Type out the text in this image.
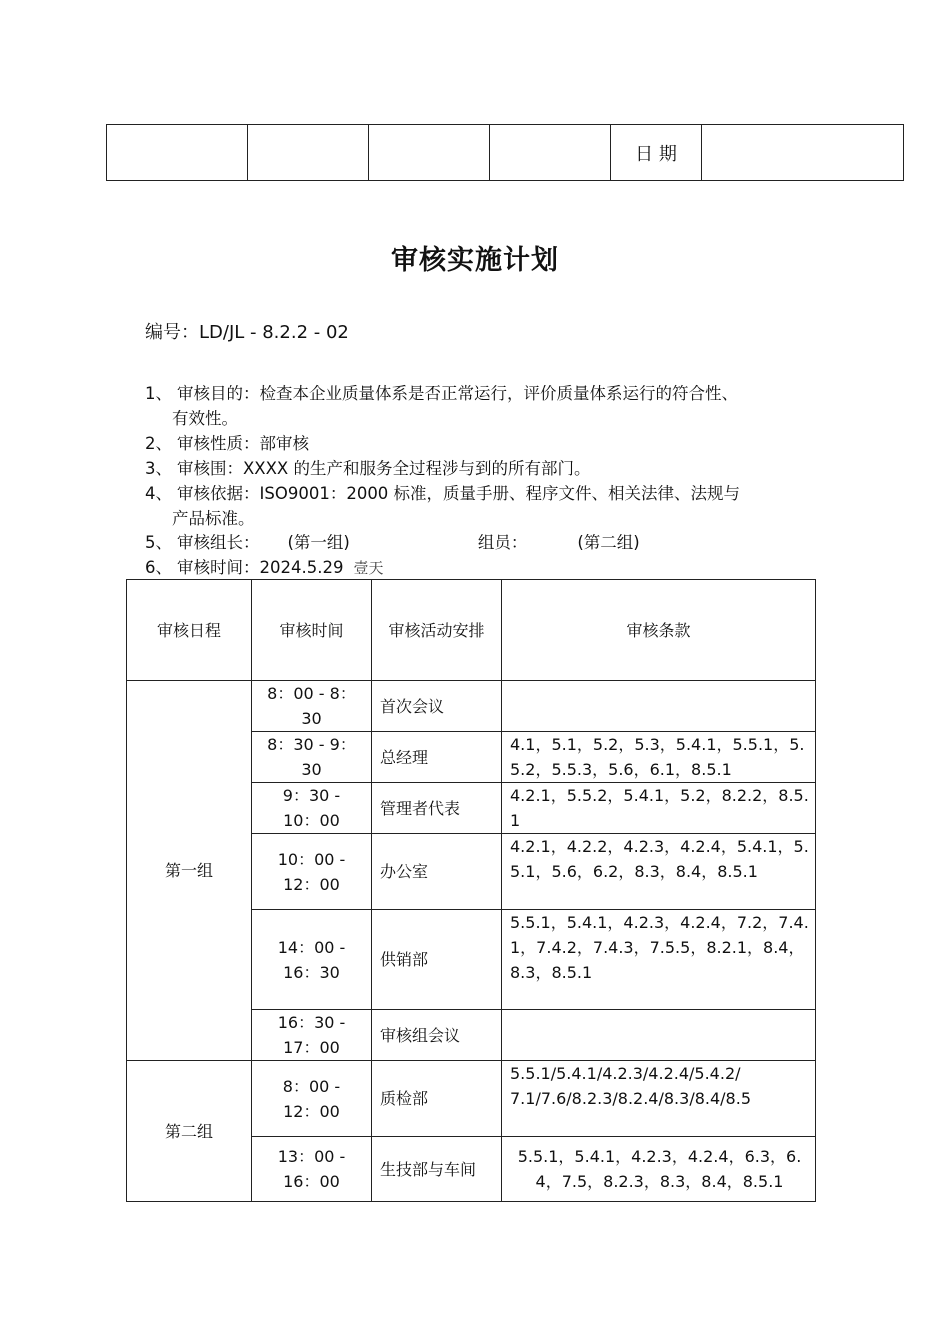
				日 期	
审核实施计划
编号：LD/JL - 8.2.2 - 02
1、 审核目的：检查本企业质量体系是否正常运行，评价质量体系运行的符合性、
有效性。
2、 审核性质：部审核
3、 审核围：XXXX 的生产和服务全过程涉与到的所有部门。
4、 审核依据：ISO9001：2000 标准，质量手册、程序文件、相关法律、法规与
产品标准。
5、 审核组长： (第一组)	组员：	(第二组)
6、 审核时间：2024.5.29 壹天
审核日程	审核时间	审核活动安排	审核条款
第一组	8：00 - 8：30	首次会议	
	8：30 - 9：30	总经理	4.1，5.1，5.2，5.3，5.4.1，5.5.1，5.5.2，5.5.3，5.6，6.1，8.5.1
	9：30 - 10：00	管理者代表	4.2.1，5.5.2，5.4.1，5.2，8.2.2，8.5.1
	10：00 - 12：00	办公室	4.2.1，4.2.2，4.2.3，4.2.4，5.4.1，5.5.1，5.6，6.2，8.3，8.4，8.5.1
	14：00 - 16：30	供销部	5.5.1，5.4.1，4.2.3，4.2.4，7.2，7.4.1，7.4.2，7.4.3，7.5.5，8.2.1，8.4，8.3，8.5.1
	16：30 - 17：00	审核组会议	
第二组	8：00 - 12：00	质检部	5.5.1/5.4.1/4.2.3/4.2.4/5.4.2/7.1/7.6/8.2.3/8.2.4/8.3/8.4/8.5
	13：00 - 16：00	生技部与车间	5.5.1，5.4.1，4.2.3，4.2.4，6.3，6.4，7.5，8.2.3，8.3，8.4，8.5.1
